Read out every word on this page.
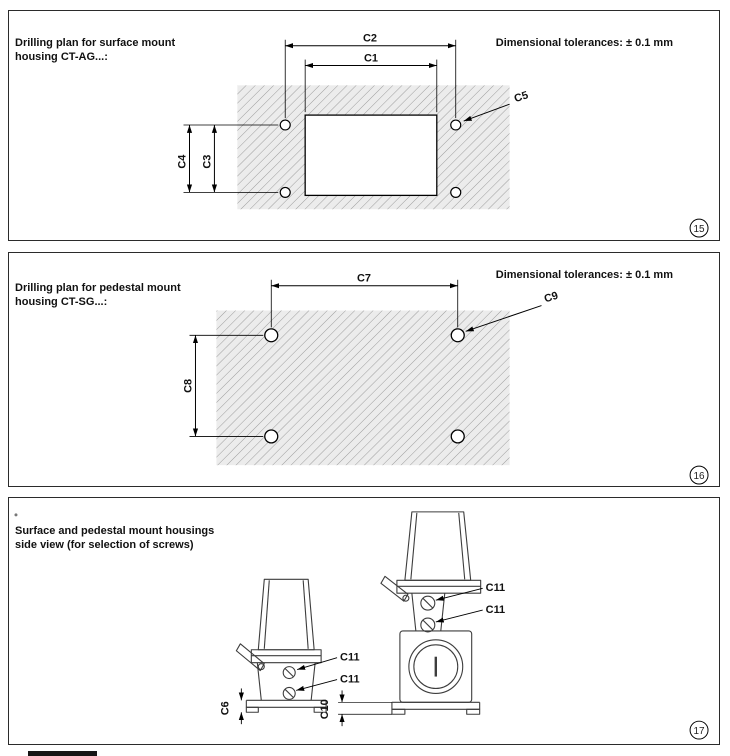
C2
C1
C4 C3
C5
15
Drilling plan for surface mount
housing CT-AG...:
Dimensional tolerances: ± 0.1 mm
C7
C8
C9
16
Drilling plan for pedestal mount
housing CT-SG...:
Dimensional tolerances: ± 0.1 mm
C11
C11
C11
C11
C6	C10
17
Surface and pedestal mount housings
side view (for selection of screws)
